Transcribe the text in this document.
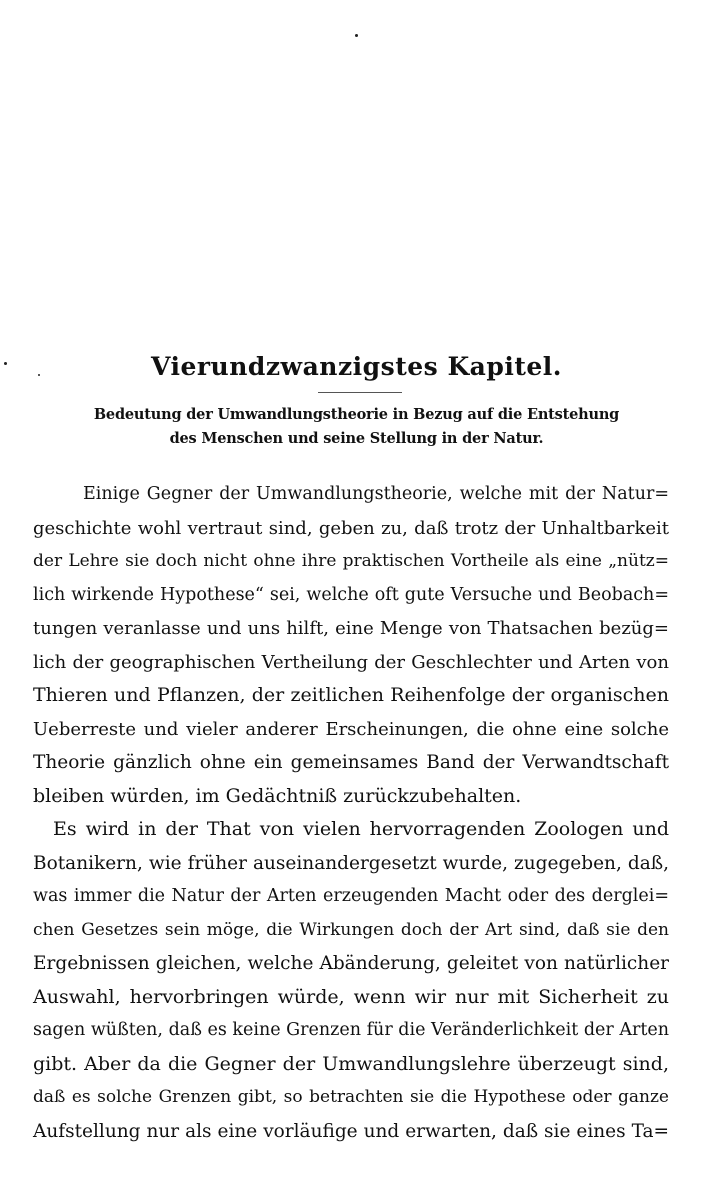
Vierundzwanzigstes Kapitel.

Bedeutung der Umwandlungstheorie in Bezug auf die Entstehung

des Menschen und seine Stellung in der Natur.

Einige Gegner der Umwandlungstheorie, welche mit der Natur=
geschichte wohl vertraut sind, geben zu, daß trotz der Unhaltbarkeit
der Lehre sie doch nicht ohne ihre praktischen Vortheile als eine „nütz=
lich wirkende Hypothese“ sei, welche oft gute Versuche und Beobach=
tungen veranlasse und uns hilft, eine Menge von Thatsachen bezüg=
lich der geographischen Vertheilung der Geschlechter und Arten von
Thieren und Pflanzen, der zeitlichen Reihenfolge der organischen
Ueberreste und vieler anderer Erscheinungen, die ohne eine solche
Theorie gänzlich ohne ein gemeinsames Band der Verwandtschaft
bleiben würden, im Gedächtniß zurückzubehalten.
Es wird in der That von vielen hervorragenden Zoologen und
Botanikern, wie früher auseinandergesetzt wurde, zugegeben, daß,
was immer die Natur der Arten erzeugenden Macht oder des derglei=
chen Gesetzes sein möge, die Wirkungen doch der Art sind, daß sie den
Ergebnissen gleichen, welche Abänderung, geleitet von natürlicher
Auswahl, hervorbringen würde, wenn wir nur mit Sicherheit zu
sagen wüßten, daß es keine Grenzen für die Veränderlichkeit der Arten
gibt. Aber da die Gegner der Umwandlungslehre überzeugt sind,
daß es solche Grenzen gibt, so betrachten sie die Hypothese oder ganze
Aufstellung nur als eine vorläufige und erwarten, daß sie eines Ta=
